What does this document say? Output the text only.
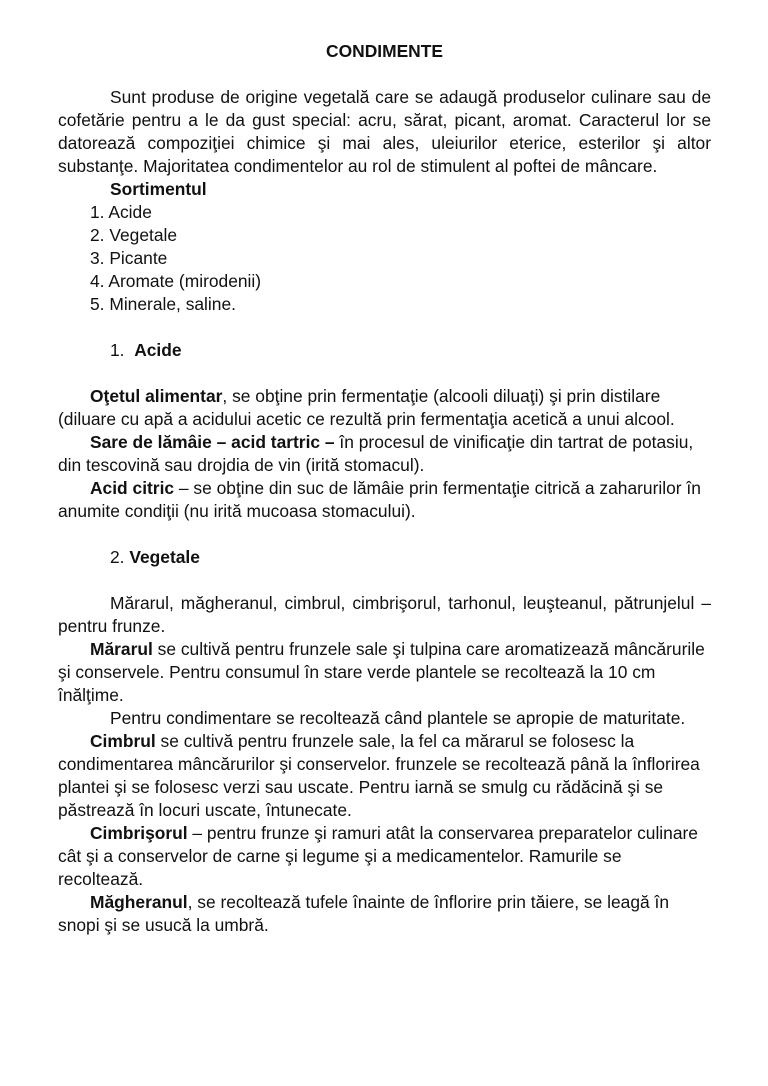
CONDIMENTE

Sunt produse de origine vegetală care se adaugă produselor culinare sau de cofetărie pentru a le da gust special: acru, sărat, picant, aromat. Caracterul lor se datorează compoziţiei chimice şi mai ales, uleiurilor eterice, esterilor şi altor substanţe. Majoritatea condimentelor au rol de stimulent al poftei de mâncare.

Sortimentul

1. Acide
2. Vegetale
3. Picante
4. Aromate (mirodenii)
5. Minerale, saline.

1. Acide

Oţetul alimentar, se obţine prin fermentaţie (alcooli diluaţi) şi prin distilare (diluare cu apă a acidului acetic ce rezultă prin fermentaţia acetică a unui alcool.

Sare de lămâie – acid tartric – în procesul de vinificaţie din tartrat de potasiu, din tescovină sau drojdia de vin (irită stomacul).

Acid citric – se obţine din suc de lămâie prin fermentaţie citrică a zaharurilor în anumite condiţii (nu irită mucoasa stomacului).

2. Vegetale

Mărarul, măgheranul, cimbrul, cimbrişorul, tarhonul, leuşteanul, pătrunjelul – pentru frunze.

Mărarul se cultivă pentru frunzele sale şi tulpina care aromatizează mâncărurile şi conservele. Pentru consumul în stare verde plantele se recoltează la 10 cm înălţime.

Pentru condimentare se recoltează când plantele se apropie de maturitate.

Cimbrul se cultivă pentru frunzele sale, la fel ca mărarul se folosesc la condimentarea mâncărurilor şi conservelor. frunzele se recoltează până la înflorirea plantei şi se folosesc verzi sau uscate. Pentru iarnă se smulg cu rădăcină şi se păstrează în locuri uscate, întunecate.

Cimbrişorul – pentru frunze şi ramuri atât la conservarea preparatelor culinare cât şi a conservelor de carne şi legume şi a medicamentelor. Ramurile se recoltează.

Măgheranul, se recoltează tufele înainte de înflorire prin tăiere, se leagă în snopi şi se usucă la umbră.
